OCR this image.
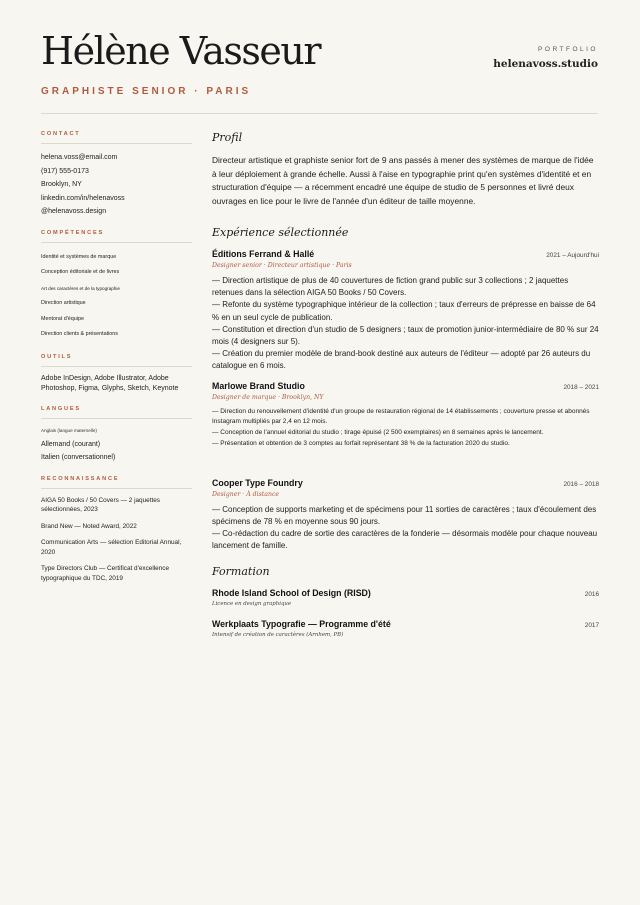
Hélène Vasseur
GRAPHISTE SENIOR · PARIS
PORTFOLIO
helenavoss.studio
CONTACT
helena.voss@email.com
(917) 555-0173
Brooklyn, NY
linkedin.com/in/helenavoss
@helenavoss.design
COMPÉTENCES
Identité et systèmes de marque
Conception éditoriale et de livres
Art des caractères et de la typographie
Direction artistique
Mentorat d'équipe
Direction clients & présentations
OUTILS
Adobe InDesign, Adobe Illustrator, Adobe Photoshop, Figma, Glyphs, Sketch, Keynote
LANGUES
Anglais (langue maternelle)
Allemand (courant)
Italien (conversationnel)
RECONNAISSANCE
AIGA 50 Books / 50 Covers — 2 jaquettes sélectionnées, 2023
Brand New — Noted Award, 2022
Communication Arts — sélection Editorial Annual, 2020
Type Directors Club — Certificat d'excellence typographique du TDC, 2019
Profil

Directeur artistique et graphiste senior fort de 9 ans passés à mener des systèmes de marque de l'idée à leur déploiement à grande échelle. Aussi à l'aise en typographie print qu'en systèmes d'identité et en structuration d'équipe — a récemment encadré une équipe de studio de 5 personnes et livré deux ouvrages en lice pour le livre de l'année d'un éditeur de taille moyenne.

Expérience sélectionnée
Éditions Ferrand & Hallé	2021 – Aujourd'hui
Designer senior · Directeur artistique · Paris
— Direction artistique de plus de 40 couvertures de fiction grand public sur 3 collections ; 2 jaquettes retenues dans la sélection AIGA 50 Books / 50 Covers.
— Refonte du système typographique intérieur de la collection ; taux d'erreurs de prépresse en baisse de 64 % en un seul cycle de publication.
— Constitution et direction d'un studio de 5 designers ; taux de promotion junior-intermédiaire de 80 % sur 24 mois (4 designers sur 5).
— Création du premier modèle de brand-book destiné aux auteurs de l'éditeur — adopté par 26 auteurs du catalogue en 6 mois.
Marlowe Brand Studio	2018 – 2021
Designer de marque · Brooklyn, NY
— Direction du renouvellement d'identité d'un groupe de restauration régional de 14 établissements ; couverture presse et abonnés Instagram multipliés par 2,4 en 12 mois.
— Conception de l'annuel éditorial du studio ; tirage épuisé (2 500 exemplaires) en 8 semaines après le lancement.
— Présentation et obtention de 3 comptes au forfait représentant 38 % de la facturation 2020 du studio.
Cooper Type Foundry	2016 – 2018
Designer · À distance
— Conception de supports marketing et de spécimens pour 11 sorties de caractères ; taux d'écoulement des spécimens de 78 % en moyenne sous 90 jours.
— Co-rédaction du cadre de sortie des caractères de la fonderie — désormais modèle pour chaque nouveau lancement de famille.
Formation
Rhode Island School of Design (RISD)	2016
Licence en design graphique
Werkplaats Typografie — Programme d'été	2017
Intensif de création de caractères (Arnhem, PB)
